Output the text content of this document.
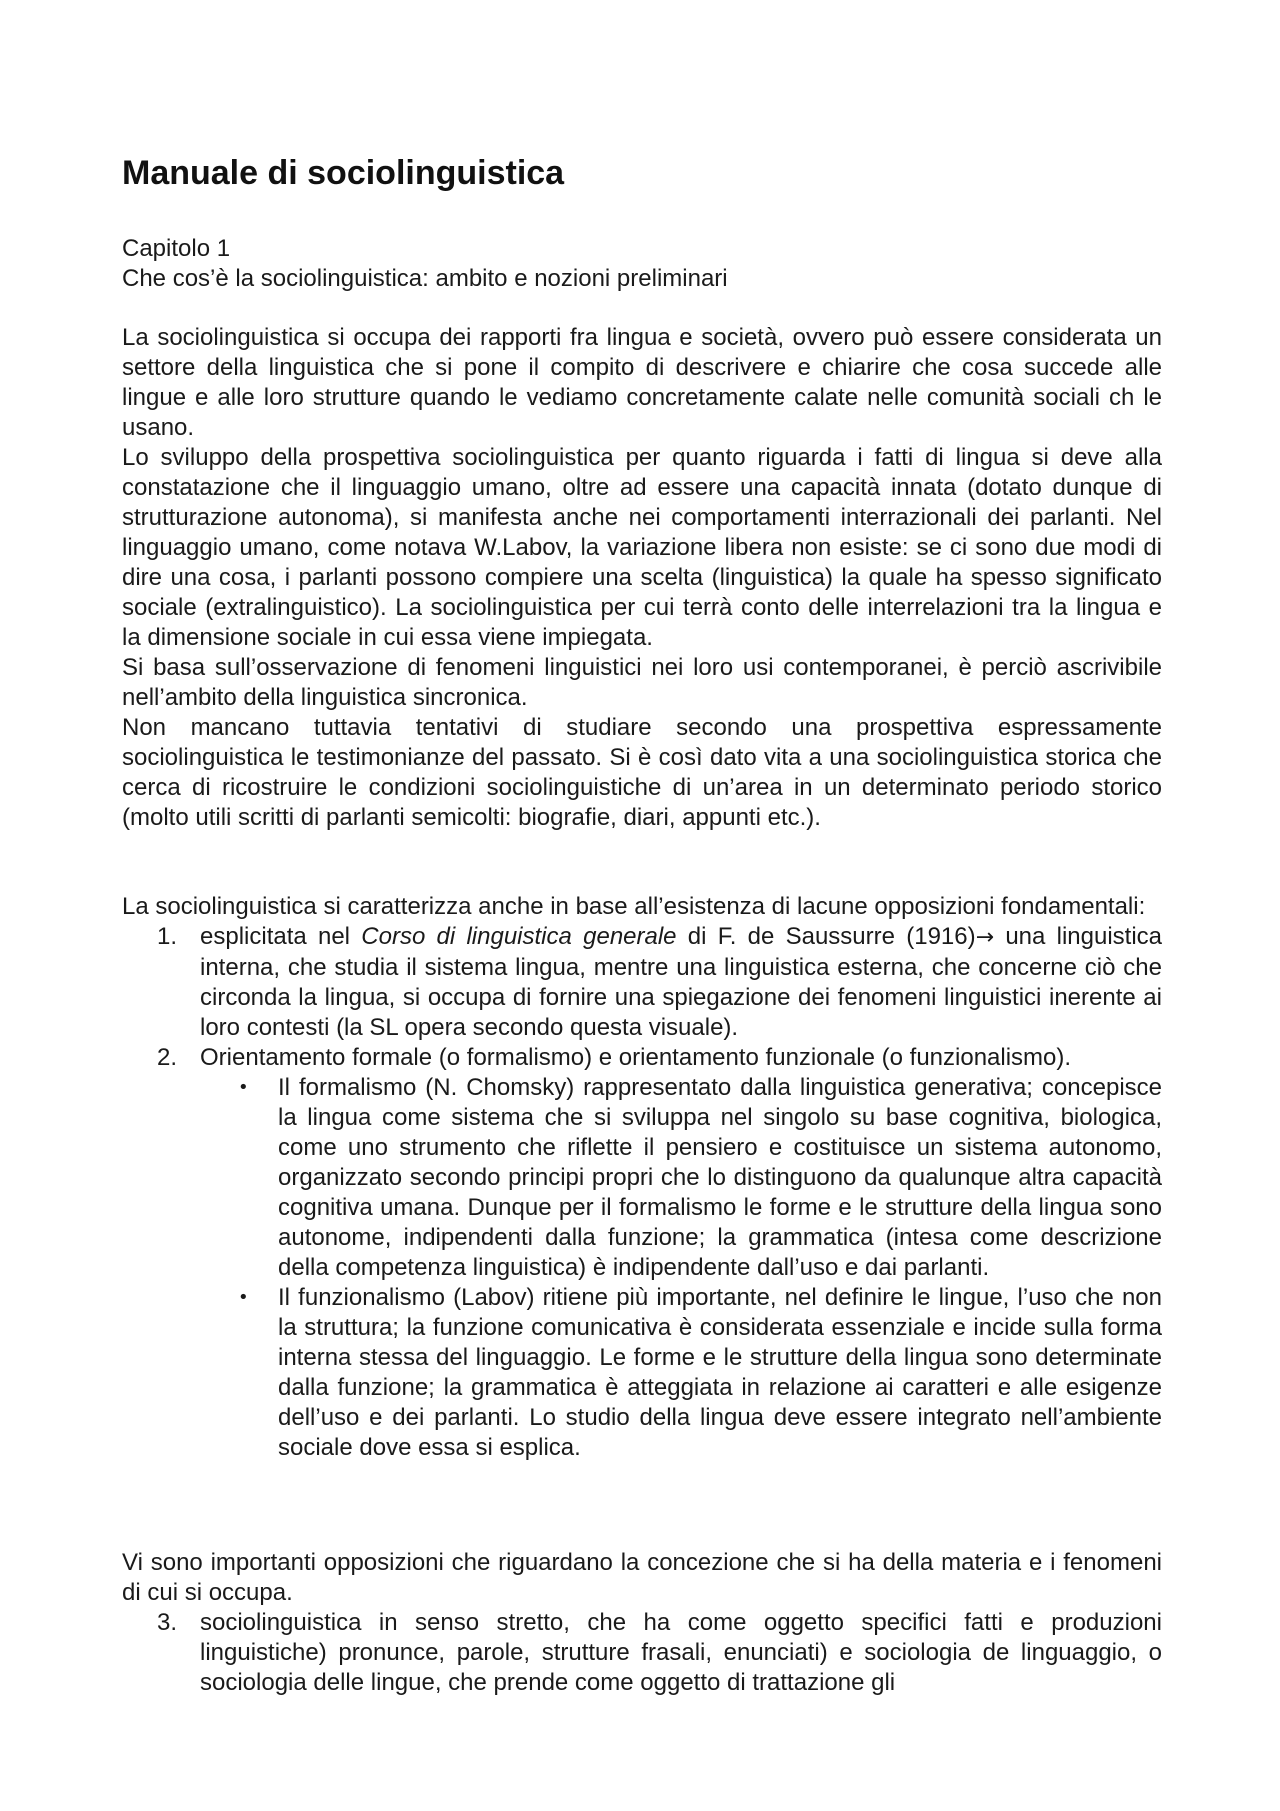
Manuale di sociolinguistica
Capitolo 1
Che cos’è la sociolinguistica: ambito e nozioni preliminari

La sociolinguistica si occupa dei rapporti fra lingua e società, ovvero può essere considerata un settore della linguistica che si pone il compito di descrivere e chiarire che cosa succede alle lingue e alle loro strutture quando le vediamo concretamente calate nelle comunità sociali ch le usano.

Lo sviluppo della prospettiva sociolinguistica per quanto riguarda i fatti di lingua si deve alla constatazione che il linguaggio umano, oltre ad essere una capacità innata (dotato dunque di strutturazione autonoma), si manifesta anche nei comportamenti interrazionali dei parlanti. Nel linguaggio umano, come notava W.Labov, la variazione libera non esiste: se ci sono due modi di dire una cosa, i parlanti possono compiere una scelta (linguistica) la quale ha spesso significato sociale (extralinguistico). La sociolinguistica per cui terrà conto delle interrelazioni tra la lingua e la dimensione sociale in cui essa viene impiegata.

Si basa sull’osservazione di fenomeni linguistici nei loro usi contemporanei, è perciò ascrivibile nell’ambito della linguistica sincronica.

Non mancano tuttavia tentativi di studiare secondo una prospettiva espressamente sociolinguistica le testimonianze del passato. Si è così dato vita a una sociolinguistica storica che cerca di ricostruire le condizioni sociolinguistiche di un’area in un determinato periodo storico (molto utili scritti di parlanti semicolti: biografie, diari, appunti etc.).

La sociolinguistica si caratterizza anche in base all’esistenza di lacune opposizioni fondamentali:

1. esplicitata nel Corso di linguistica generale di F. de Saussurre (1916)→ una linguistica interna, che studia il sistema lingua, mentre una linguistica esterna, che concerne ciò che circonda la lingua, si occupa di fornire una spiegazione dei fenomeni linguistici inerente ai loro contesti (la SL opera secondo questa visuale).
2. Orientamento formale (o formalismo) e orientamento funzionale (o funzionalismo).
• Il formalismo (N. Chomsky) rappresentato dalla linguistica generativa; concepisce la lingua come sistema che si sviluppa nel singolo su base cognitiva, biologica, come uno strumento che riflette il pensiero e costituisce un sistema autonomo, organizzato secondo principi propri che lo distinguono da qualunque altra capacità cognitiva umana. Dunque per il formalismo le forme e le strutture della lingua sono autonome, indipendenti dalla funzione; la grammatica (intesa come descrizione della competenza linguistica) è indipendente dall’uso e dai parlanti.
• Il funzionalismo (Labov) ritiene più importante, nel definire le lingue, l’uso che non la struttura; la funzione comunicativa è considerata essenziale e incide sulla forma interna stessa del linguaggio. Le forme e le strutture della lingua sono determinate dalla funzione; la grammatica è atteggiata in relazione ai caratteri e alle esigenze dell’uso e dei parlanti. Lo studio della lingua deve essere integrato nell’ambiente sociale dove essa si esplica.

Vi sono importanti opposizioni che riguardano la concezione che si ha della materia e i fenomeni di cui si occupa.

3. sociolinguistica in senso stretto, che ha come oggetto specifici fatti e produzioni linguistiche) pronunce, parole, strutture frasali, enunciati) e sociologia de linguaggio, o sociologia delle lingue, che prende come oggetto di trattazione gli
